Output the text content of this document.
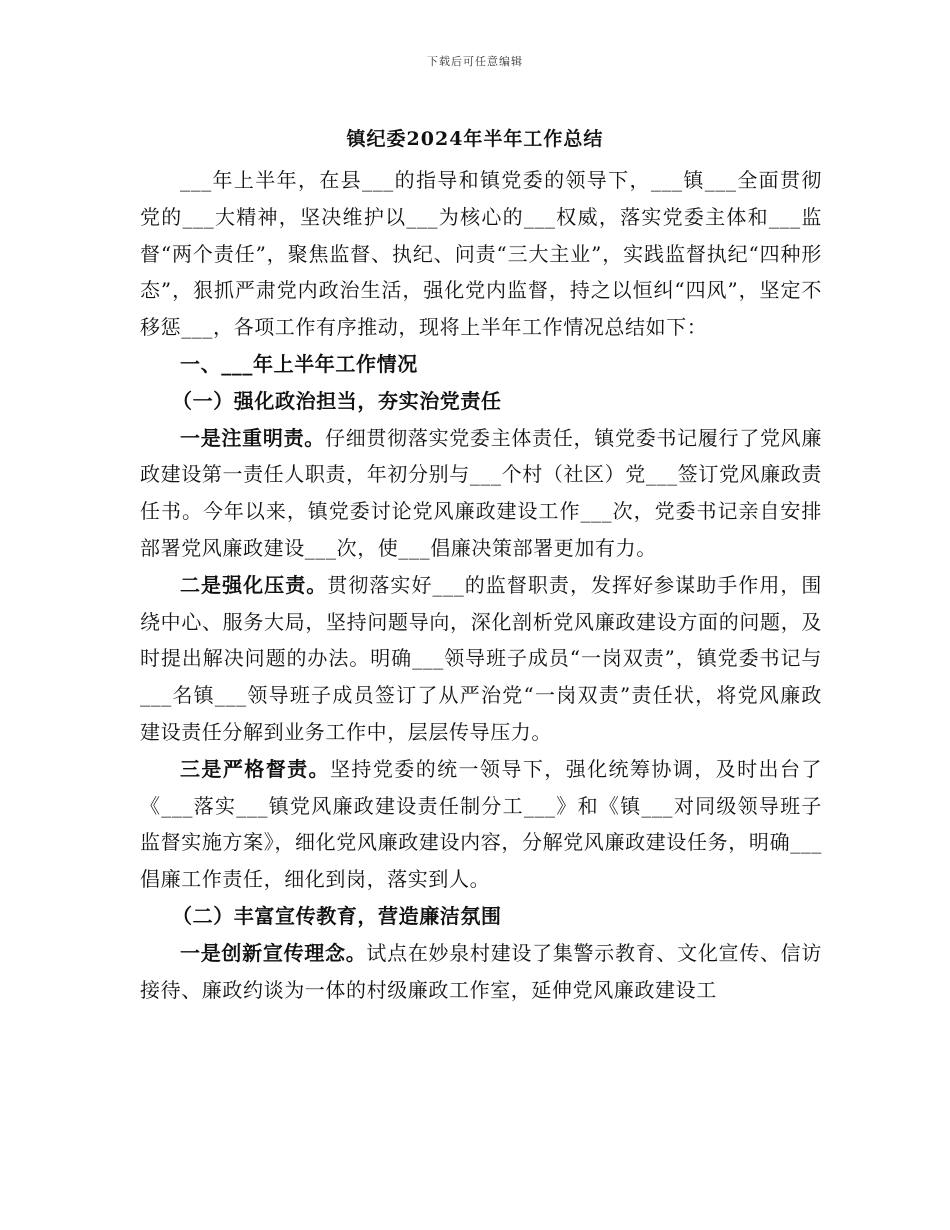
下载后可任意编辑
镇纪委2024年半年工作总结

___年上半年，在县___的指导和镇党委的领导下，___镇___全面贯彻党的___大精神，坚决维护以___为核心的___权威，落实党委主体和___监督“两个责任”，聚焦监督、执纪、问责“三大主业”，实践监督执纪“四种形态”，狠抓严肃党内政治生活，强化党内监督，持之以恒纠“四风”，坚定不移惩___，各项工作有序推动，现将上半年工作情况总结如下：

一、___年上半年工作情况

（一）强化政治担当，夯实治党责任

一是注重明责。仔细贯彻落实党委主体责任，镇党委书记履行了党风廉政建设第一责任人职责，年初分别与___个村（社区）党___签订党风廉政责任书。今年以来，镇党委讨论党风廉政建设工作___次，党委书记亲自安排部署党风廉政建设___次，使___倡廉决策部署更加有力。

二是强化压责。贯彻落实好___的监督职责，发挥好参谋助手作用，围绕中心、服务大局，坚持问题导向，深化剖析党风廉政建设方面的问题，及时提出解决问题的办法。明确___领导班子成员“一岗双责”，镇党委书记与___名镇___领导班子成员签订了从严治党“一岗双责”责任状，将党风廉政建设责任分解到业务工作中，层层传导压力。

三是严格督责。坚持党委的统一领导下，强化统筹协调，及时出台了《___落实___镇党风廉政建设责任制分工___》和《镇___对同级领导班子监督实施方案》，细化党风廉政建设内容，分解党风廉政建设任务，明确___倡廉工作责任，细化到岗，落实到人。

（二）丰富宣传教育，营造廉洁氛围

一是创新宣传理念。试点在妙泉村建设了集警示教育、文化宣传、信访接待、廉政约谈为一体的村级廉政工作室，延伸党风廉政建设工
